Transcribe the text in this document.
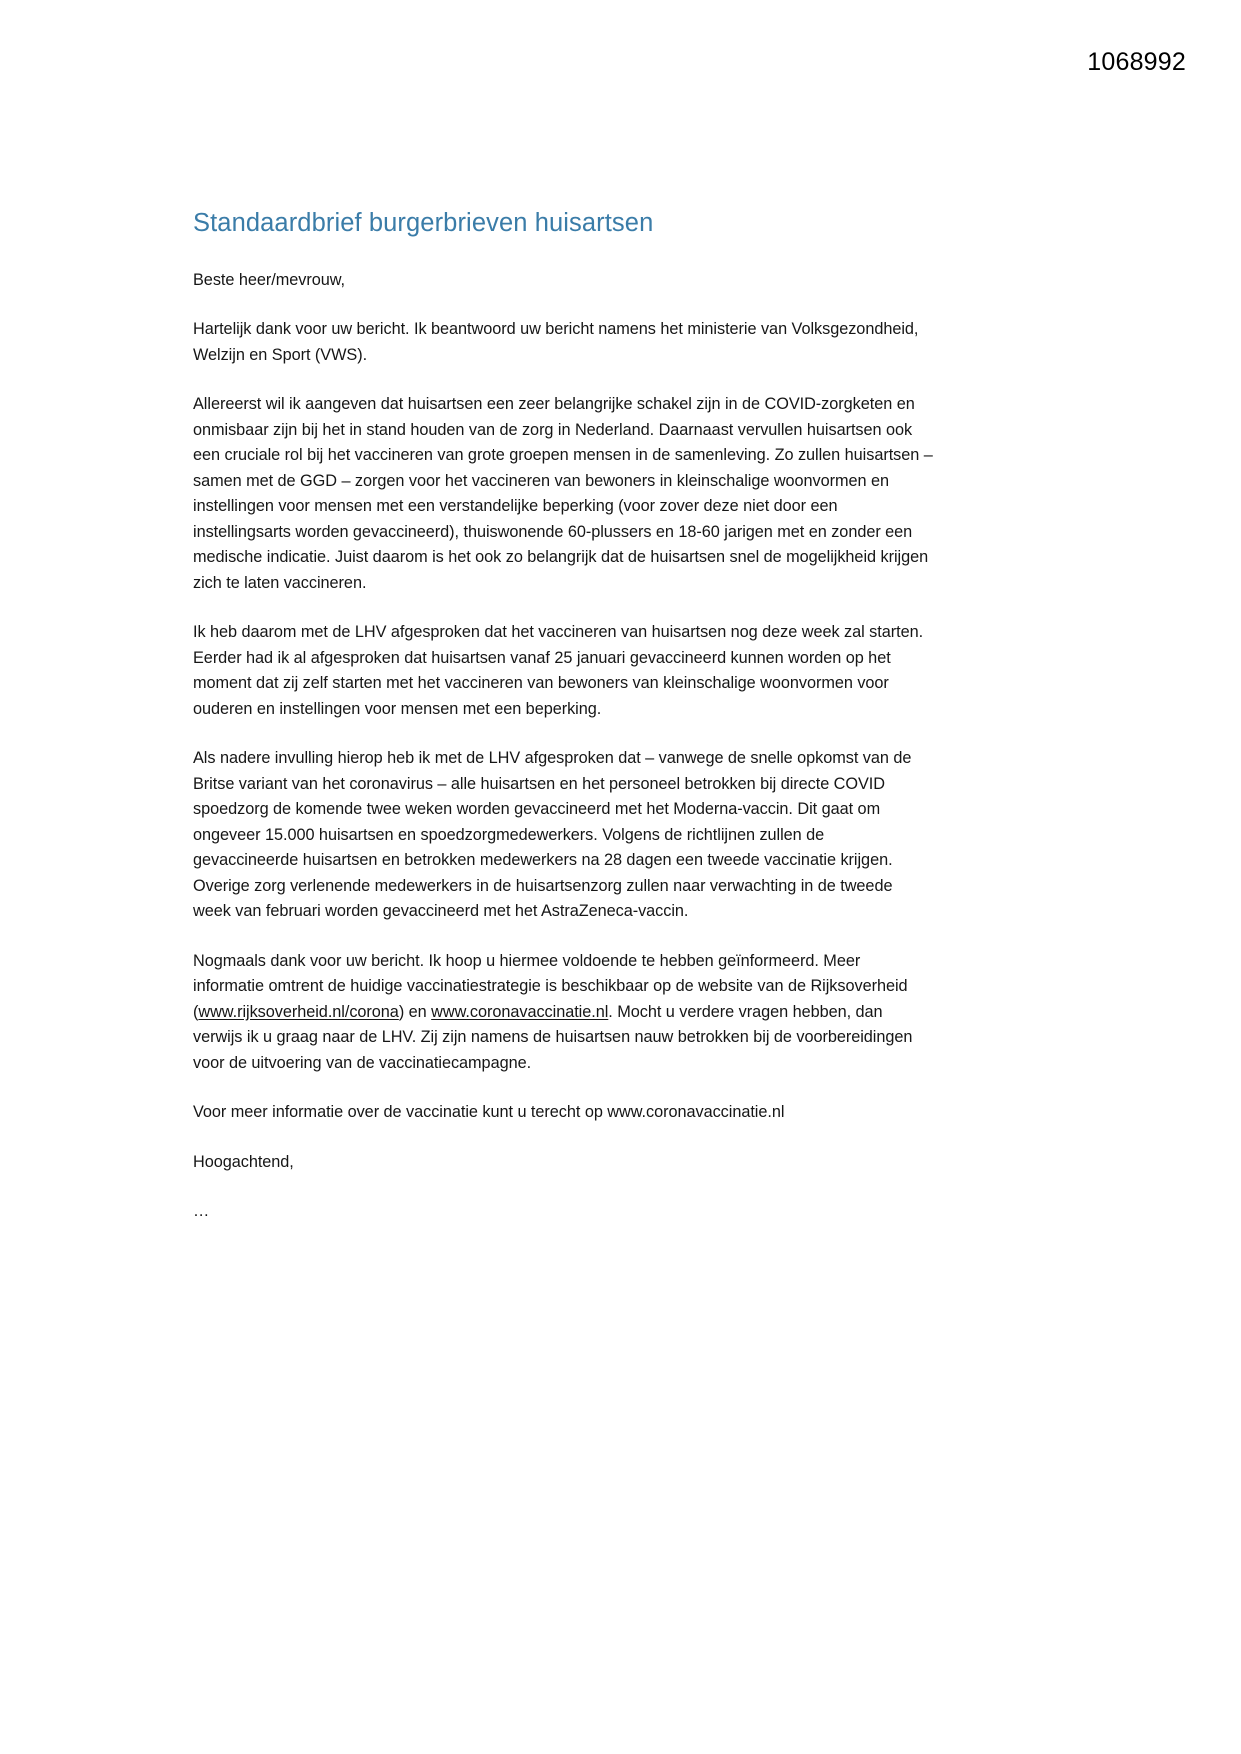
1068992
Standaardbrief burgerbrieven huisartsen

Beste heer/mevrouw,

Hartelijk dank voor uw bericht. Ik beantwoord uw bericht namens het ministerie van Volksgezondheid, Welzijn en Sport (VWS).

Allereerst wil ik aangeven dat huisartsen een zeer belangrijke schakel zijn in de COVID-zorgketen en onmisbaar zijn bij het in stand houden van de zorg in Nederland. Daarnaast vervullen huisartsen ook een cruciale rol bij het vaccineren van grote groepen mensen in de samenleving. Zo zullen huisartsen – samen met de GGD – zorgen voor het vaccineren van bewoners in kleinschalige woonvormen en instellingen voor mensen met een verstandelijke beperking (voor zover deze niet door een instellingsarts worden gevaccineerd), thuiswonende 60-plussers en 18-60 jarigen met en zonder een medische indicatie. Juist daarom is het ook zo belangrijk dat de huisartsen snel de mogelijkheid krijgen zich te laten vaccineren.

Ik heb daarom met de LHV afgesproken dat het vaccineren van huisartsen nog deze week zal starten. Eerder had ik al afgesproken dat huisartsen vanaf 25 januari gevaccineerd kunnen worden op het moment dat zij zelf starten met het vaccineren van bewoners van kleinschalige woonvormen voor ouderen en instellingen voor mensen met een beperking.

Als nadere invulling hierop heb ik met de LHV afgesproken dat – vanwege de snelle opkomst van de Britse variant van het coronavirus – alle huisartsen en het personeel betrokken bij directe COVID spoedzorg de komende twee weken worden gevaccineerd met het Moderna-vaccin. Dit gaat om ongeveer 15.000 huisartsen en spoedzorgmedewerkers. Volgens de richtlijnen zullen de gevaccineerde huisartsen en betrokken medewerkers na 28 dagen een tweede vaccinatie krijgen. Overige zorg verlenende medewerkers in de huisartsenzorg zullen naar verwachting in de tweede week van februari worden gevaccineerd met het AstraZeneca-vaccin.

Nogmaals dank voor uw bericht. Ik hoop u hiermee voldoende te hebben geïnformeerd. Meer informatie omtrent de huidige vaccinatiestrategie is beschikbaar op de website van de Rijksoverheid (www.rijksoverheid.nl/corona) en www.coronavaccinatie.nl. Mocht u verdere vragen hebben, dan verwijs ik u graag naar de LHV. Zij zijn namens de huisartsen nauw betrokken bij de voorbereidingen voor de uitvoering van de vaccinatiecampagne.

Voor meer informatie over de vaccinatie kunt u terecht op www.coronavaccinatie.nl

Hoogachtend,

…
